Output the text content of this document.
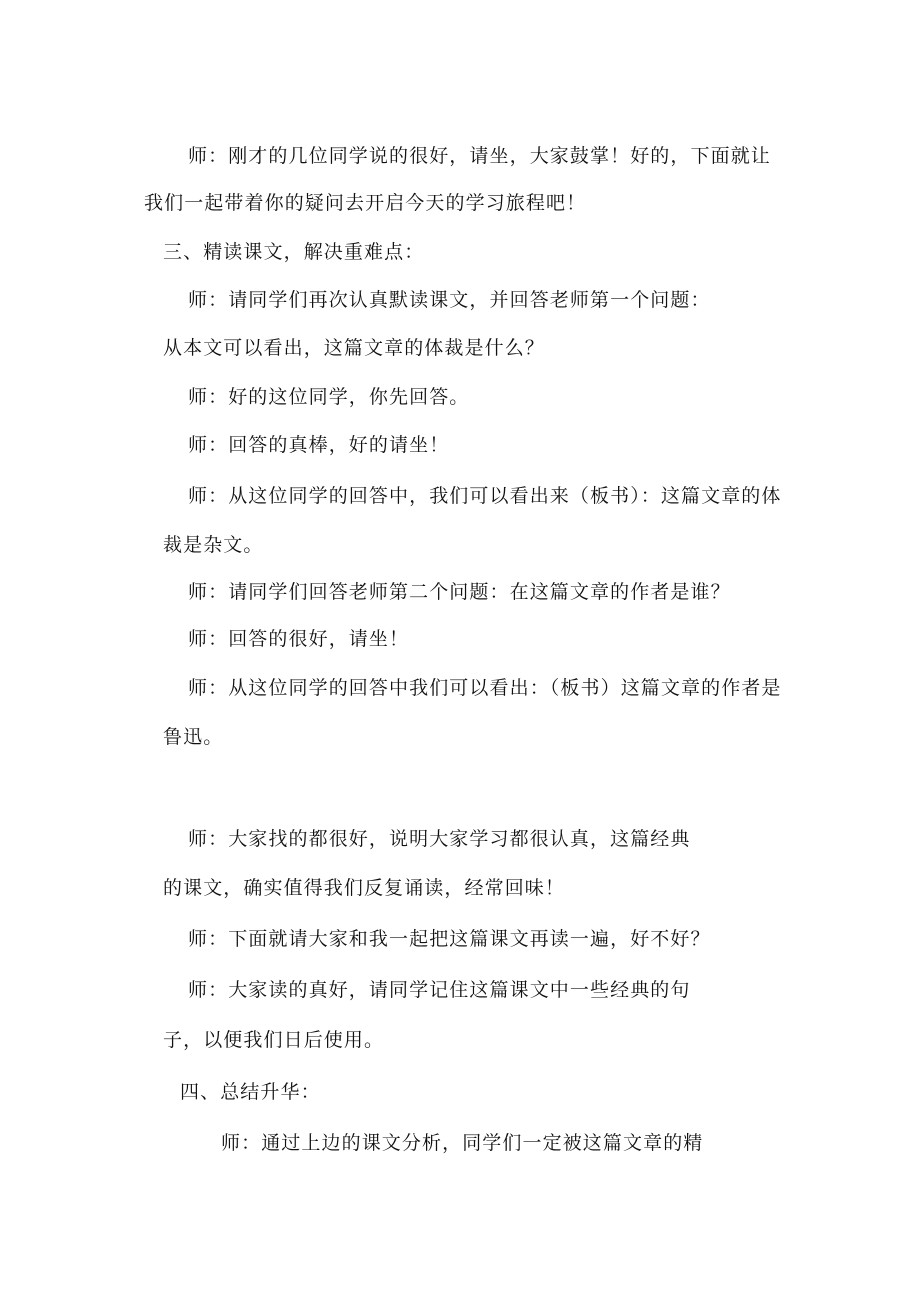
师：刚才的几位同学说的很好，请坐，大家鼓掌！好的，下面就让
我们一起带着你的疑问去开启今天的学习旅程吧！
三、精读课文，解决重难点：
师：请同学们再次认真默读课文，并回答老师第一个问题：
从本文可以看出，这篇文章的体裁是什么？
师：好的这位同学，你先回答。
师：回答的真棒，好的请坐！
师：从这位同学的回答中，我们可以看出来（板书）：这篇文章的体
裁是杂文。
师：请同学们回答老师第二个问题：在这篇文章的作者是谁？
师：回答的很好，请坐！
师：从这位同学的回答中我们可以看出：（板书）这篇文章的作者是
鲁迅。
师：大家找的都很好，说明大家学习都很认真，这篇经典
的课文，确实值得我们反复诵读，经常回味！
师：下面就请大家和我一起把这篇课文再读一遍，好不好？
师：大家读的真好，请同学记住这篇课文中一些经典的句
子，以便我们日后使用。
四、总结升华：
师：通过上边的课文分析，同学们一定被这篇文章的精
